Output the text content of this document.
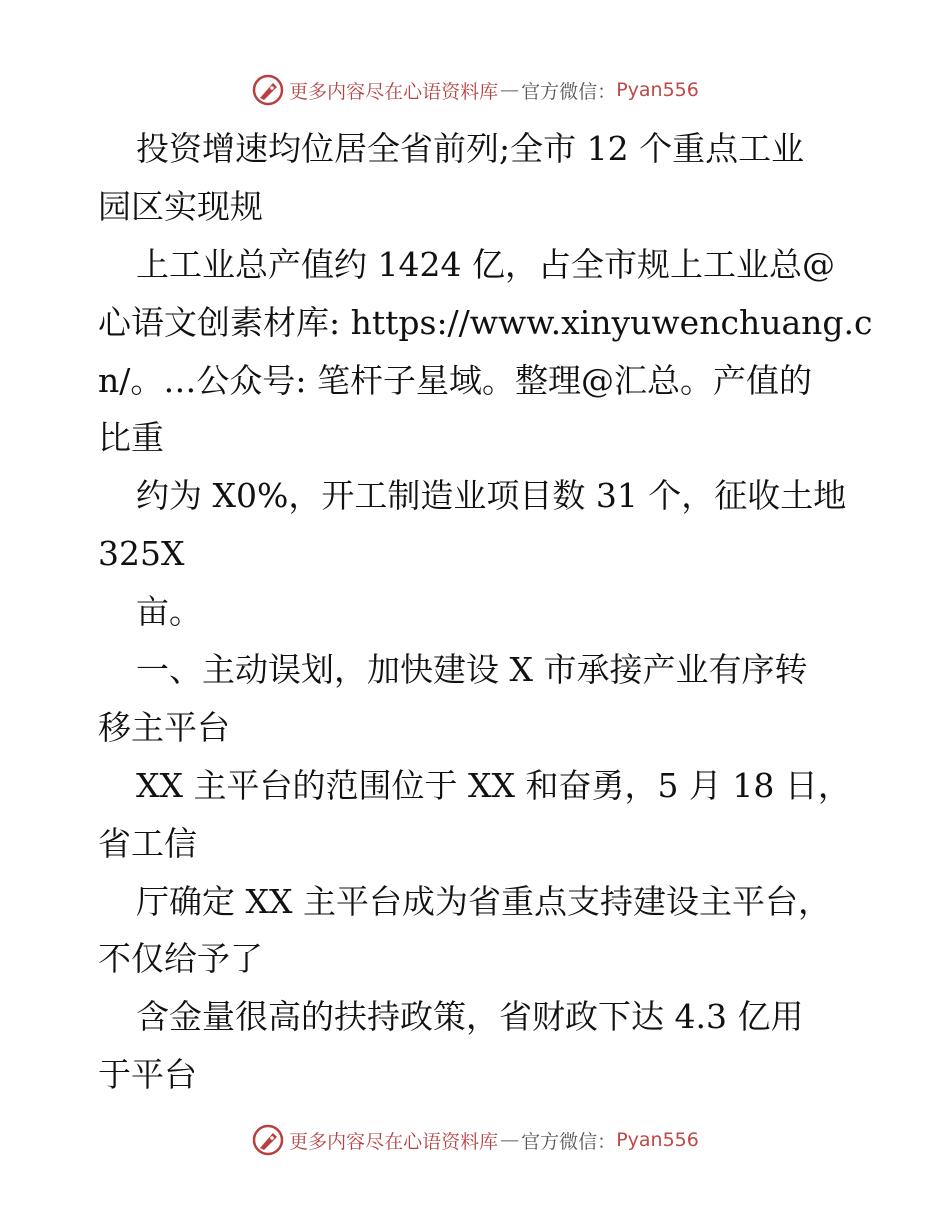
更多内容尽在心语资料库 — 官方微信： Pyan556
投资增速均位居全省前列;全市 12 个重点工业
园区实现规
上工业总产值约 1424 亿，占全市规上工业总@
心语文创素材库: https://www.xinyuwenchuang.c
n/。…公众号: 笔杆子星域。整理@汇总。产值的
比重
约为 X0%，开工制造业项目数 31 个，征收土地
325X
亩。
一、主动误划，加快建设 X 市承接产业有序转
移主平台
XX 主平台的范围位于 XX 和奋勇，5 月 18 日，
省工信
厅确定 XX 主平台成为省重点支持建设主平台，
不仅给予了
含金量很高的扶持政策，省财政下达 4.3 亿用
于平台
更多内容尽在心语资料库 — 官方微信： Pyan556
